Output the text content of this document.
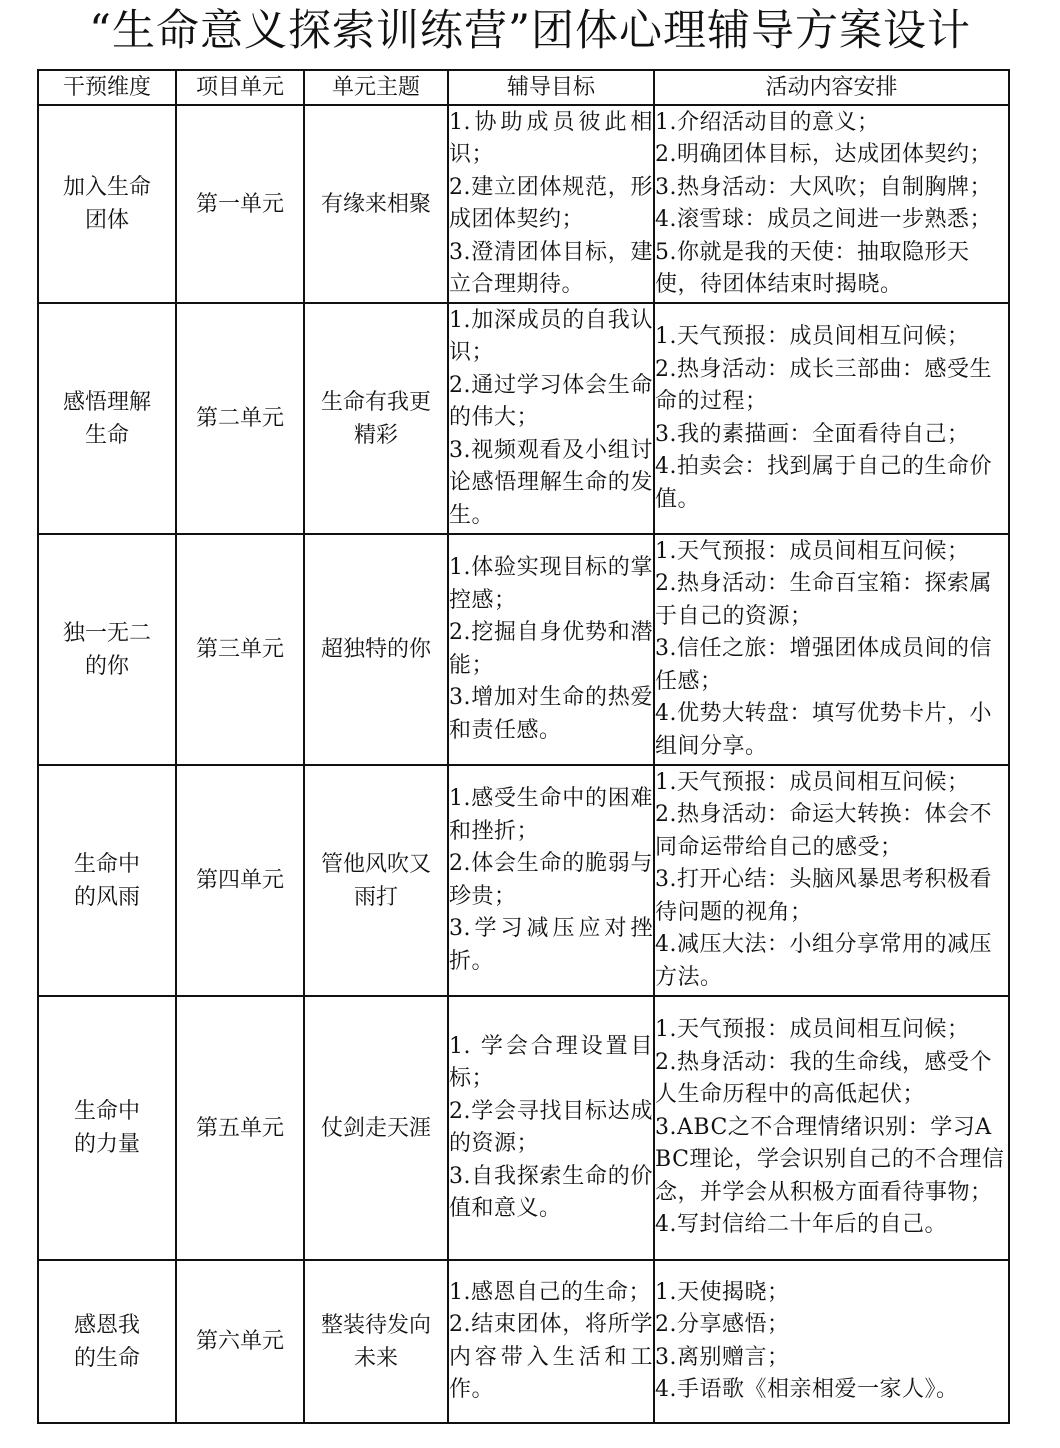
“生命意义探索训练营”团体心理辅导方案设计
干预维度	项目单元	单元主题	辅导目标	活动内容安排

加入生命团体	第一单元	有缘来相聚	1.协助成员彼此相识；
2.建立团体规范，形成团体契约；
3.澄清团体目标，建立合理期待。	1.介绍活动目的意义；
2.明确团体目标，达成团体契约；
3.热身活动：大风吹；自制胸牌；
4.滚雪球：成员之间进一步熟悉；
5.你就是我的天使：抽取隐形天使，待团体结束时揭晓。

感悟理解生命	第二单元	生命有我更精彩	1.加深成员的自我认识；
2.通过学习体会生命的伟大；
3.视频观看及小组讨论感悟理解生命的发生。	1.天气预报：成员间相互问候；
2.热身活动：成长三部曲：感受生命的过程；
3.我的素描画：全面看待自己；
4.拍卖会：找到属于自己的生命价值。

独一无二的你	第三单元	超独特的你	1.体验实现目标的掌控感；
2.挖掘自身优势和潜能；
3.增加对生命的热爱和责任感。	1.天气预报：成员间相互问候；
2.热身活动：生命百宝箱：探索属于自己的资源；
3.信任之旅：增强团体成员间的信任感；
4.优势大转盘：填写优势卡片，小组间分享。

生命中的风雨	第四单元	管他风吹又雨打	1.感受生命中的困难和挫折；
2.体会生命的脆弱与珍贵；
3.学习减压应对挫折。	1.天气预报：成员间相互问候；
2.热身活动：命运大转换：体会不同命运带给自己的感受；
3.打开心结：头脑风暴思考积极看待问题的视角；
4.减压大法：小组分享常用的减压方法。

生命中的力量	第五单元	仗剑走天涯	1. 学会合理设置目标；
2.学会寻找目标达成的资源；
3.自我探索生命的价值和意义。	1.天气预报：成员间相互问候；
2.热身活动：我的生命线，感受个人生命历程中的高低起伏；
3.ABC之不合理情绪识别：学习ABC理论，学会识别自己的不合理信念，并学会从积极方面看待事物；
4.写封信给二十年后的自己。

感恩我的生命	第六单元	整装待发向未来	1.感恩自己的生命；
2.结束团体，将所学内容带入生活和工作。	1.天使揭晓；
2.分享感悟；
3.离别赠言；
4.手语歌《相亲相爱一家人》。
